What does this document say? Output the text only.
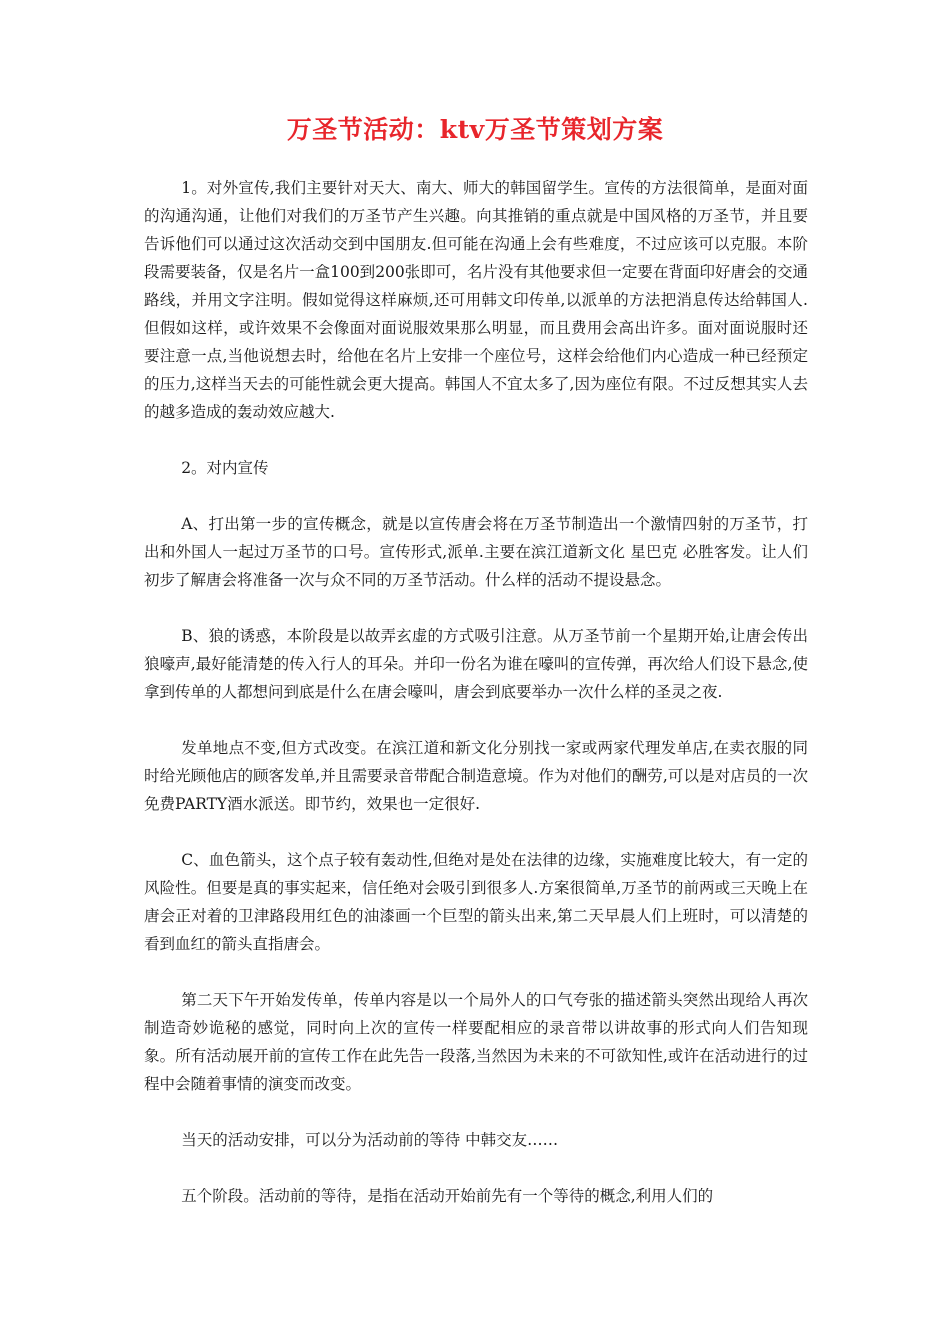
万圣节活动：ktv万圣节策划方案

1。对外宣传,我们主要针对天大、南大、师大的韩国留学生。宣传的方法很简单，是面对面的沟通沟通，让他们对我们的万圣节产生兴趣。向其推销的重点就是中国风格的万圣节，并且要告诉他们可以通过这次活动交到中国朋友.但可能在沟通上会有些难度，不过应该可以克服。本阶段需要装备，仅是名片一盒100到200张即可，名片没有其他要求但一定要在背面印好唐会的交通路线，并用文字注明。假如觉得这样麻烦,还可用韩文印传单,以派单的方法把消息传达给韩国人.但假如这样，或许效果不会像面对面说服效果那么明显，而且费用会高出许多。面对面说服时还要注意一点,当他说想去时，给他在名片上安排一个座位号，这样会给他们内心造成一种已经预定的压力,这样当天去的可能性就会更大提高。韩国人不宜太多了,因为座位有限。不过反想其实人去的越多造成的轰动效应越大.

2。对内宣传

A、打出第一步的宣传概念，就是以宣传唐会将在万圣节制造出一个激情四射的万圣节，打出和外国人一起过万圣节的口号。宣传形式,派单.主要在滨江道新文化 星巴克 必胜客发。让人们初步了解唐会将准备一次与众不同的万圣节活动。什么样的活动不提设悬念。

B、狼的诱惑，本阶段是以故弄玄虚的方式吸引注意。从万圣节前一个星期开始,让唐会传出狼嚎声,最好能清楚的传入行人的耳朵。并印一份名为谁在嚎叫的宣传弹，再次给人们设下悬念,使拿到传单的人都想问到底是什么在唐会嚎叫，唐会到底要举办一次什么样的圣灵之夜.

发单地点不变,但方式改变。在滨江道和新文化分别找一家或两家代理发单店,在卖衣服的同时给光顾他店的顾客发单,并且需要录音带配合制造意境。作为对他们的酬劳,可以是对店员的一次免费PARTY酒水派送。即节约，效果也一定很好.

C、血色箭头，这个点子较有轰动性,但绝对是处在法律的边缘，实施难度比较大，有一定的风险性。但要是真的事实起来，信任绝对会吸引到很多人.方案很简单,万圣节的前两或三天晚上在唐会正对着的卫津路段用红色的油漆画一个巨型的箭头出来,第二天早晨人们上班时，可以清楚的看到血红的箭头直指唐会。

第二天下午开始发传单，传单内容是以一个局外人的口气夸张的描述箭头突然出现给人再次制造奇妙诡秘的感觉，同时向上次的宣传一样要配相应的录音带以讲故事的形式向人们告知现象。所有活动展开前的宣传工作在此先告一段落,当然因为未来的不可欲知性,或许在活动进行的过程中会随着事情的演变而改变。

当天的活动安排，可以分为活动前的等待 中韩交友……

五个阶段。活动前的等待，是指在活动开始前先有一个等待的概念,利用人们的
